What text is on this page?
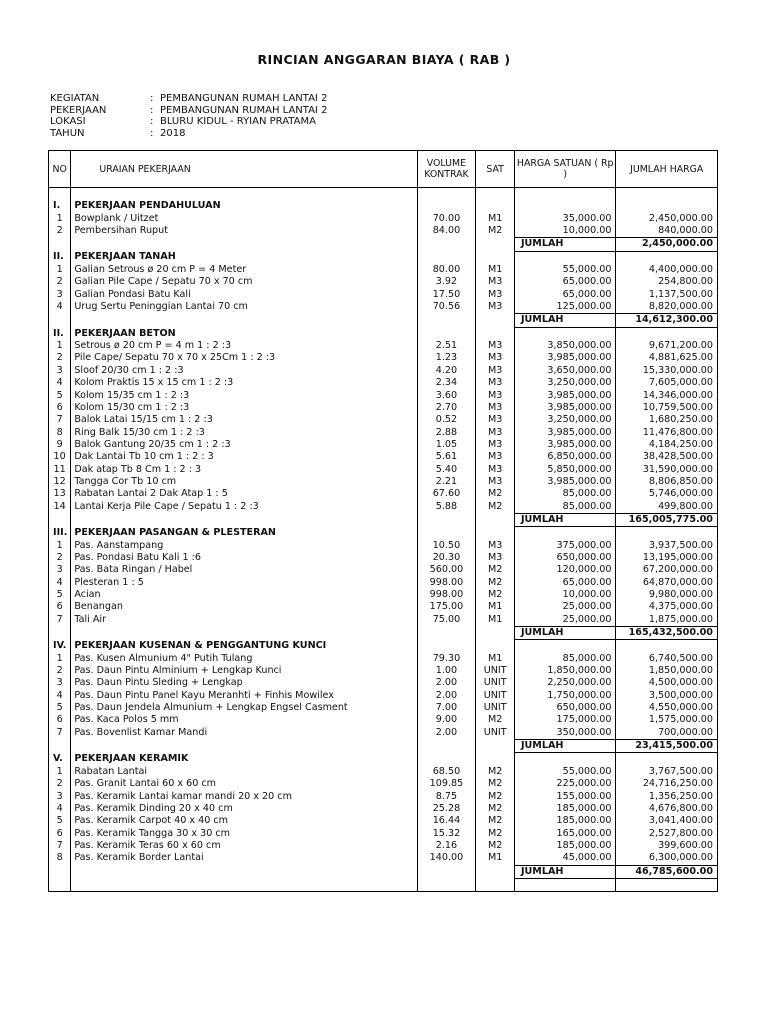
RINCIAN ANGGARAN BIAYA ( RAB )
KEGIATAN	: PEMBANGUNAN RUMAH LANTAI 2
PEKERJAAN	: PEMBANGUNAN RUMAH LANTAI 2
LOKASI	: BLURU KIDUL - RYIAN PRATAMA
TAHUN	: 2018
NO	URAIAN PEKERJAAN	VOLUME KONTRAK	SAT	HARGA SATUAN ( Rp )	JUMLAH HARGA

I.	PEKERJAAN PENDAHULUAN				
1	Bowplank / Uitzet	70.00	M1	35,000.00	2,450,000.00
2	Pembersihan Ruput	84.00	M2	10,000.00	840,000.00
				JUMLAH	2,450,000.00
II.	PEKERJAAN TANAH				
1	Galian Setrous ø 20 cm P = 4 Meter	80.00	M1	55,000.00	4,400,000.00
2	Galian Pile Cape / Sepatu 70 x 70 cm	3.92	M3	65,000.00	254,800.00
3	Galian Pondasi Batu Kali	17.50	M3	65,000.00	1,137,500.00
4	Urug Sertu Peninggian Lantai 70 cm	70.56	M3	125,000.00	8,820,000.00
				JUMLAH	14,612,300.00
II.	PEKERJAAN BETON				
1	Setrous ø 20 cm P = 4 m 1 : 2 :3	2.51	M3	3,850,000.00	9,671,200.00
2	Pile Cape/ Sepatu 70 x 70 x 25Cm 1 : 2 :3	1.23	M3	3,985,000.00	4,881,625.00
3	Sloof 20/30 cm 1 : 2 :3	4.20	M3	3,650,000.00	15,330,000.00
4	Kolom Praktis 15 x 15 cm 1 : 2 :3	2.34	M3	3,250,000.00	7,605,000.00
5	Kolom 15/35 cm 1 : 2 :3	3.60	M3	3,985,000.00	14,346,000.00
6	Kolom 15/30 cm 1 : 2 :3	2.70	M3	3,985,000.00	10,759,500.00
7	Balok Latai 15/15 cm 1 : 2 :3	0.52	M3	3,250,000.00	1,680,250.00
8	Ring Balk 15/30 cm 1 : 2 :3	2.88	M3	3,985,000.00	11,476,800.00
9	Balok Gantung 20/35 cm 1 : 2 :3	1.05	M3	3,985,000.00	4,184,250.00
10	Dak Lantai Tb 10 cm 1 : 2 : 3	5.61	M3	6,850,000.00	38,428,500.00
11	Dak atap Tb 8 Cm 1 : 2 : 3	5.40	M3	5,850,000.00	31,590,000.00
12	Tangga Cor Tb 10 cm	2.21	M3	3,985,000.00	8,806,850.00
13	Rabatan Lantai 2 Dak Atap 1 : 5	67.60	M2	85,000.00	5,746,000.00
14	Lantai Kerja Pile Cape / Sepatu 1 : 2 :3	5.88	M2	85,000.00	499,800.00
				JUMLAH	165,005,775.00
III.	PEKERJAAN PASANGAN & PLESTERAN				
1	Pas. Aanstampang	10.50	M3	375,000.00	3,937,500.00
2	Pas. Pondasi Batu Kali 1 :6	20.30	M3	650,000.00	13,195,000.00
3	Pas. Bata Ringan / Habel	560.00	M2	120,000.00	67,200,000.00
4	Plesteran 1 : 5	998.00	M2	65,000.00	64,870,000.00
5	Acian	998.00	M2	10,000.00	9,980,000.00
6	Benangan	175.00	M1	25,000.00	4,375,000.00
7	Tali Air	75.00	M1	25,000.00	1,875,000.00
				JUMLAH	165,432,500.00
IV.	PEKERJAAN KUSENAN & PENGGANTUNG KUNCI				
1	Pas. Kusen Almunium 4" Putih Tulang	79.30	M1	85,000.00	6,740,500.00
2	Pas. Daun Pintu Alminium + Lengkap Kunci	1.00	UNIT	1,850,000.00	1,850,000.00
3	Pas. Daun Pintu Sleding + Lengkap	2.00	UNIT	2,250,000.00	4,500,000.00
4	Pas. Daun Pintu Panel Kayu Meranhti + Finhis Mowilex	2.00	UNIT	1,750,000.00	3,500,000.00
5	Pas. Daun Jendela Almunium + Lengkap Engsel Casment	7.00	UNIT	650,000.00	4,550,000.00
6	Pas. Kaca Polos 5 mm	9.00	M2	175,000.00	1,575,000.00
7	Pas. Bovenlist Kamar Mandi	2.00	UNIT	350,000.00	700,000.00
				JUMLAH	23,415,500.00
V.	PEKERJAAN KERAMIK				
1	Rabatan Lantai	68.50	M2	55,000.00	3,767,500.00
2	Pas. Granit Lantai 60 x 60 cm	109.85	M2	225,000.00	24,716,250.00
3	Pas. Keramik Lantai kamar mandi 20 x 20 cm	8.75	M2	155,000.00	1,356,250.00
4	Pas. Keramik Dinding 20 x 40 cm	25.28	M2	185,000.00	4,676,800.00
5	Pas. Keramik Carpot 40 x 40 cm	16.44	M2	185,000.00	3,041,400.00
6	Pas. Keramik Tangga 30 x 30 cm	15.32	M2	165,000.00	2,527,800.00
7	Pas. Keramik Teras 60 x 60 cm	2.16	M2	185,000.00	399,600.00
8	Pas. Keramik Border Lantai	140.00	M1	45,000.00	6,300,000.00
				JUMLAH	46,785,600.00
